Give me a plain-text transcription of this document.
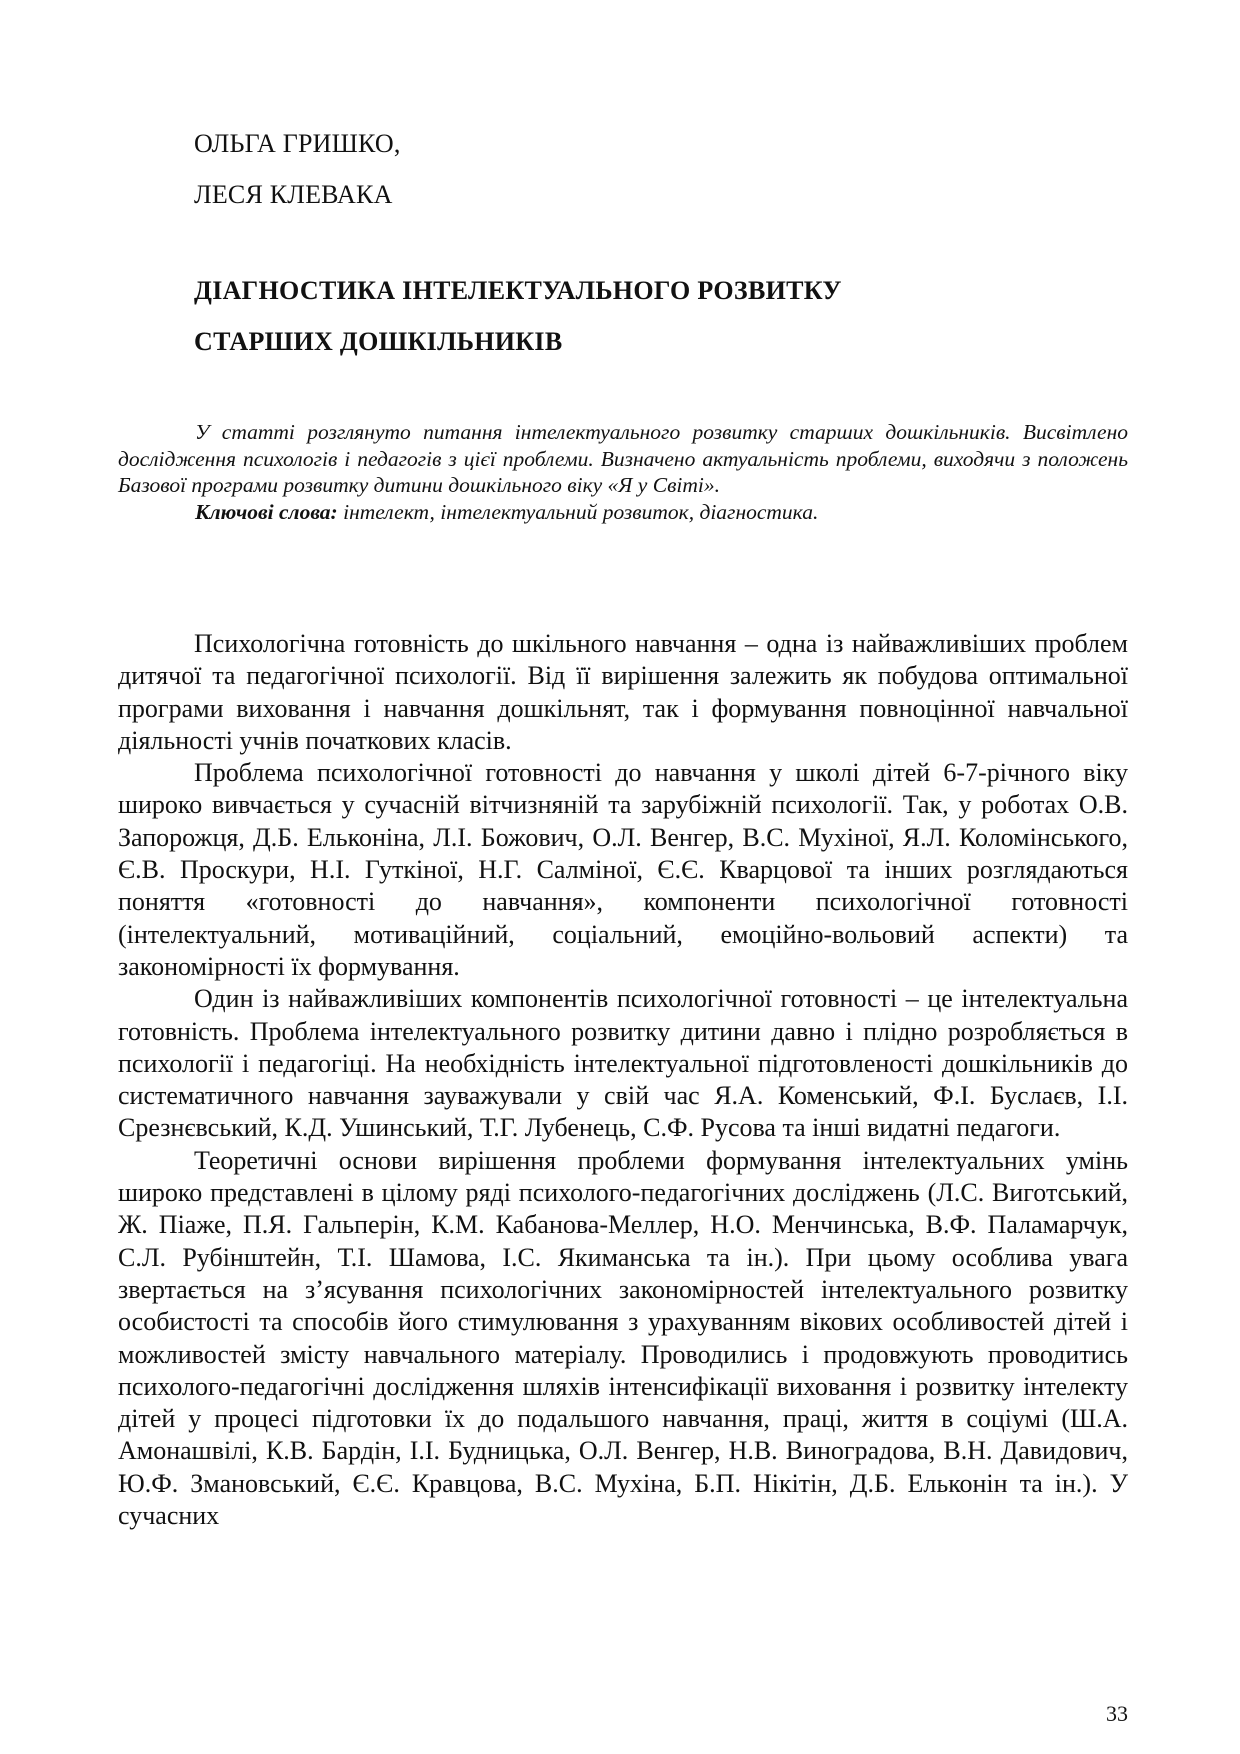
ОЛЬГА ГРИШКО,
ЛЕСЯ КЛЕВАКА
ДІАГНОСТИКА ІНТЕЛЕКТУАЛЬНОГО РОЗВИТКУ
СТАРШИХ ДОШКІЛЬНИКІВ

У статті розглянуто питання інтелектуального розвитку старших дошкільників. Висвітлено дослідження психологів і педагогів з цієї проблеми. Визначено актуальність проблеми, виходячи з положень Базової програми розвитку дитини дошкільного віку «Я у Світі».

Ключові слова: інтелект, інтелектуальний розвиток, діагностика.

Психологічна готовність до шкільного навчання – одна із найважливіших проблем дитячої та педагогічної психології. Від її вирішення залежить як побудова оптимальної програми виховання і навчання дошкільнят, так і формування повноцінної навчальної діяльності учнів початкових класів.

Проблема психологічної готовності до навчання у школі дітей 6-7-річного віку широко вивчається у сучасній вітчизняній та зарубіжній психології. Так, у роботах О.В. Запорожця, Д.Б. Ельконіна, Л.І. Божович, О.Л. Венгер, В.С. Мухіної, Я.Л. Коломінського, Є.В. Проскури, Н.І. Гуткіної, Н.Г. Салміної, Є.Є. Кварцової та інших розглядаються поняття «готовності до навчання», компоненти психологічної готовності (інтелектуальний, мотиваційний, соціальний, емоційно-вольовий аспекти) та закономірності їх формування.

Один із найважливіших компонентів психологічної готовності – це інтелектуальна готовність. Проблема інтелектуального розвитку дитини давно і плідно розробляється в психології і педагогіці. На необхідність інтелектуальної підготовленості дошкільників до систематичного навчання зауважували у свій час Я.А. Коменський, Ф.І. Буслаєв, І.І. Срезнєвський, К.Д. Ушинський, Т.Г. Лубенець, С.Ф. Русова та інші видатні педагоги.

Теоретичні основи вирішення проблеми формування інтелектуальних умінь широко представлені в цілому ряді психолого-педагогічних досліджень (Л.С. Виготський, Ж. Піаже, П.Я. Гальперін, К.М. Кабанова-Меллер, Н.О. Менчинська, В.Ф. Паламарчук, С.Л. Рубінштейн, Т.І. Шамова, І.С. Якиманська та ін.). При цьому особлива увага звертається на з’ясування психологічних закономірностей інтелектуального розвитку особистості та способів його стимулювання з урахуванням вікових особливостей дітей і можливостей змісту навчального матеріалу. Проводились і продовжують проводитись психолого-педагогічні дослідження шляхів інтенсифікації виховання і розвитку інтелекту дітей у процесі підготовки їх до подальшого навчання, праці, життя в соціумі (Ш.А. Амонашвілі, К.В. Бардін, І.І. Будницька, О.Л. Венгер, Н.В. Виноградова, В.Н. Давидович, Ю.Ф. Змановський, Є.Є. Кравцова, В.С. Мухіна, Б.П. Нікітін, Д.Б. Ельконін та ін.). У сучасних

33
